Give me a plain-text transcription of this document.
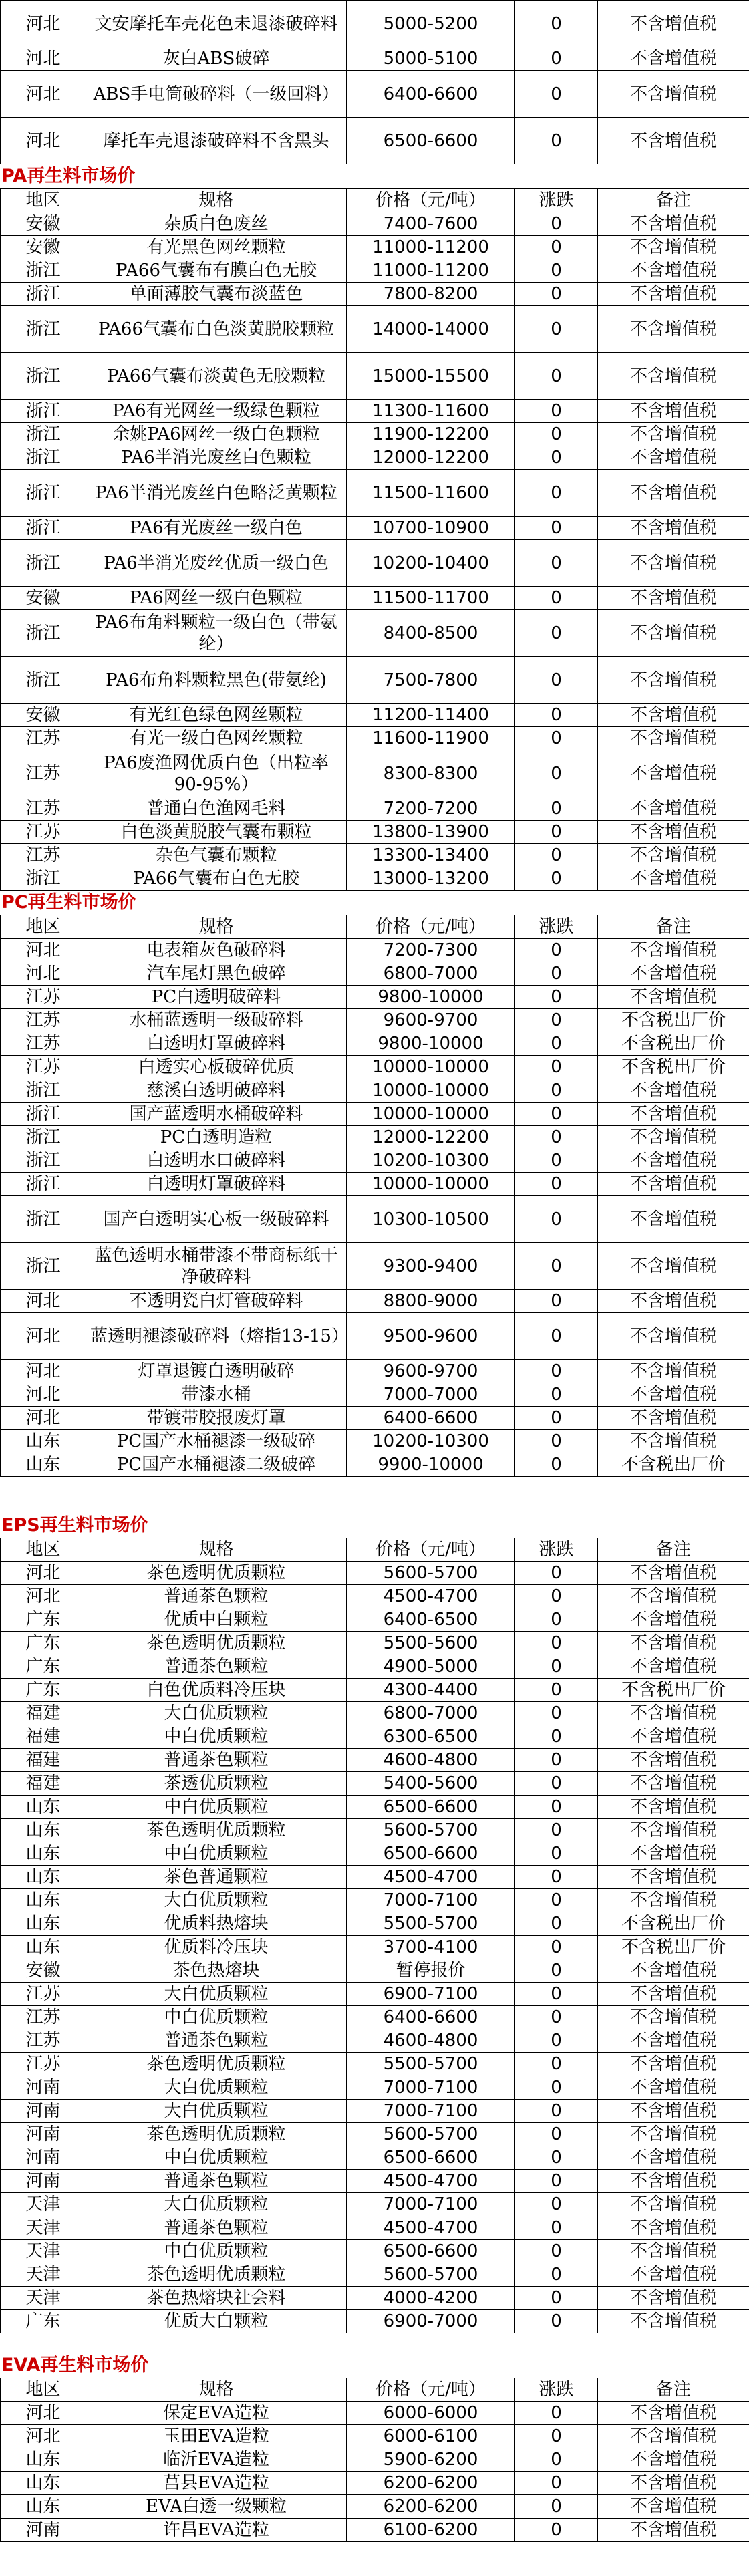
河北	文安摩托车壳花色未退漆破碎料	5000-5200	0	不含增值税
河北	灰白ABS破碎	5000-5100	0	不含增值税
河北	ABS手电筒破碎料（一级回料）	6400-6600	0	不含增值税
河北	摩托车壳退漆破碎料不含黑头	6500-6600	0	不含增值税
PA再生料市场价
地区	规格	价格（元/吨）	涨跌	备注
安徽	杂质白色废丝	7400-7600	0	不含增值税
安徽	有光黑色网丝颗粒	11000-11200	0	不含增值税
浙江	PA66气囊布有膜白色无胶	11000-11200	0	不含增值税
浙江	单面薄胶气囊布淡蓝色	7800-8200	0	不含增值税
浙江	PA66气囊布白色淡黄脱胶颗粒	14000-14000	0	不含增值税
浙江	PA66气囊布淡黄色无胶颗粒	15000-15500	0	不含增值税
浙江	PA6有光网丝一级绿色颗粒	11300-11600	0	不含增值税
浙江	余姚PA6网丝一级白色颗粒	11900-12200	0	不含增值税
浙江	PA6半消光废丝白色颗粒	12000-12200	0	不含增值税
浙江	PA6半消光废丝白色略泛黄颗粒	11500-11600	0	不含增值税
浙江	PA6有光废丝一级白色	10700-10900	0	不含增值税
浙江	PA6半消光废丝优质一级白色	10200-10400	0	不含增值税
安徽	PA6网丝一级白色颗粒	11500-11700	0	不含增值税
浙江	PA6布角料颗粒一级白色（带氨纶）	8400-8500	0	不含增值税
浙江	PA6布角料颗粒黑色(带氨纶)	7500-7800	0	不含增值税
安徽	有光红色绿色网丝颗粒	11200-11400	0	不含增值税
江苏	有光一级白色网丝颗粒	11600-11900	0	不含增值税
江苏	PA6废渔网优质白色（出粒率90-95%）	8300-8300	0	不含增值税
江苏	普通白色渔网毛料	7200-7200	0	不含增值税
江苏	白色淡黄脱胶气囊布颗粒	13800-13900	0	不含增值税
江苏	杂色气囊布颗粒	13300-13400	0	不含增值税
浙江	PA66气囊布白色无胶	13000-13200	0	不含增值税
PC再生料市场价
地区	规格	价格（元/吨）	涨跌	备注
河北	电表箱灰色破碎料	7200-7300	0	不含增值税
河北	汽车尾灯黑色破碎	6800-7000	0	不含增值税
江苏	PC白透明破碎料	9800-10000	0	不含增值税
江苏	水桶蓝透明一级破碎料	9600-9700	0	不含税出厂价
江苏	白透明灯罩破碎料	9800-10000	0	不含税出厂价
江苏	白透实心板破碎优质	10000-10000	0	不含税出厂价
浙江	慈溪白透明破碎料	10000-10000	0	不含增值税
浙江	国产蓝透明水桶破碎料	10000-10000	0	不含增值税
浙江	PC白透明造粒	12000-12200	0	不含增值税
浙江	白透明水口破碎料	10200-10300	0	不含增值税
浙江	白透明灯罩破碎料	10000-10000	0	不含增值税
浙江	国产白透明实心板一级破碎料	10300-10500	0	不含增值税
浙江	蓝色透明水桶带漆不带商标纸干净破碎料	9300-9400	0	不含增值税
河北	不透明瓷白灯管破碎料	8800-9000	0	不含增值税
河北	蓝透明褪漆破碎料（熔指13-15）	9500-9600	0	不含增值税
河北	灯罩退镀白透明破碎	9600-9700	0	不含增值税
河北	带漆水桶	7000-7000	0	不含增值税
河北	带镀带胶报废灯罩	6400-6600	0	不含增值税
山东	PC国产水桶褪漆一级破碎	10200-10300	0	不含增值税
山东	PC国产水桶褪漆二级破碎	9900-10000	0	不含税出厂价
EPS再生料市场价
地区	规格	价格（元/吨）	涨跌	备注
河北	茶色透明优质颗粒	5600-5700	0	不含增值税
河北	普通茶色颗粒	4500-4700	0	不含增值税
广东	优质中白颗粒	6400-6500	0	不含增值税
广东	茶色透明优质颗粒	5500-5600	0	不含增值税
广东	普通茶色颗粒	4900-5000	0	不含增值税
广东	白色优质料冷压块	4300-4400	0	不含税出厂价
福建	大白优质颗粒	6800-7000	0	不含增值税
福建	中白优质颗粒	6300-6500	0	不含增值税
福建	普通茶色颗粒	4600-4800	0	不含增值税
福建	茶透优质颗粒	5400-5600	0	不含增值税
山东	中白优质颗粒	6500-6600	0	不含增值税
山东	茶色透明优质颗粒	5600-5700	0	不含增值税
山东	中白优质颗粒	6500-6600	0	不含增值税
山东	茶色普通颗粒	4500-4700	0	不含增值税
山东	大白优质颗粒	7000-7100	0	不含增值税
山东	优质料热熔块	5500-5700	0	不含税出厂价
山东	优质料冷压块	3700-4100	0	不含税出厂价
安徽	茶色热熔块	暂停报价	0	不含增值税
江苏	大白优质颗粒	6900-7100	0	不含增值税
江苏	中白优质颗粒	6400-6600	0	不含增值税
江苏	普通茶色颗粒	4600-4800	0	不含增值税
江苏	茶色透明优质颗粒	5500-5700	0	不含增值税
河南	大白优质颗粒	7000-7100	0	不含增值税
河南	大白优质颗粒	7000-7100	0	不含增值税
河南	茶色透明优质颗粒	5600-5700	0	不含增值税
河南	中白优质颗粒	6500-6600	0	不含增值税
河南	普通茶色颗粒	4500-4700	0	不含增值税
天津	大白优质颗粒	7000-7100	0	不含增值税
天津	普通茶色颗粒	4500-4700	0	不含增值税
天津	中白优质颗粒	6500-6600	0	不含增值税
天津	茶色透明优质颗粒	5600-5700	0	不含增值税
天津	茶色热熔块社会料	4000-4200	0	不含增值税
广东	优质大白颗粒	6900-7000	0	不含增值税
EVA再生料市场价
地区	规格	价格（元/吨）	涨跌	备注
河北	保定EVA造粒	6000-6000	0	不含增值税
河北	玉田EVA造粒	6000-6100	0	不含增值税
山东	临沂EVA造粒	5900-6200	0	不含增值税
山东	莒县EVA造粒	6200-6200	0	不含增值税
山东	EVA白透一级颗粒	6200-6200	0	不含增值税
河南	许昌EVA造粒	6100-6200	0	不含增值税
